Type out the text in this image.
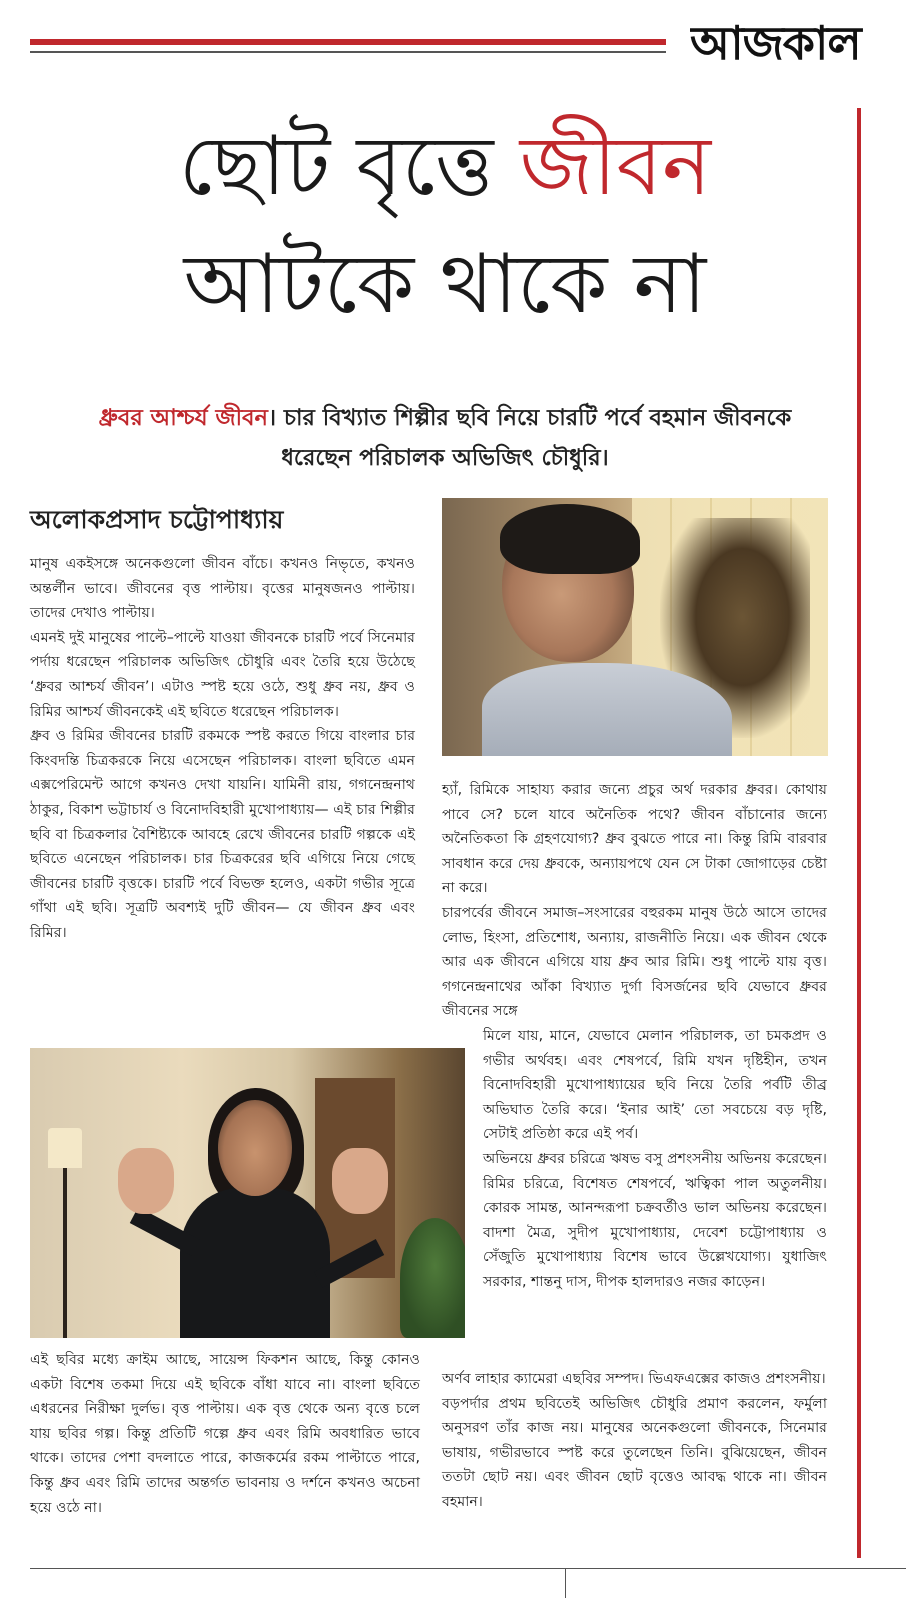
আজকাল
ছোট বৃত্তে জীবন
আটকে থাকে না
ধ্রুবর আশ্চর্য জীবন। চার বিখ্যাত শিল্পীর ছবি নিয়ে চারটি পর্বে বহমান জীবনকে ধরেছেন পরিচালক অভিজিৎ চৌধুরি।
অলোকপ্রসাদ চট্টোপাধ্যায়

মানুষ একইসঙ্গে অনেকগুলো জীবন বাঁচে। কখনও নিভৃতে, কখনও অন্তর্লীন ভাবে। জীবনের বৃত্ত পাল্টায়। বৃত্তের মানুষজনও পাল্টায়। তাদের দেখাও পাল্টায়।

এমনই দুই মানুষের পাল্টে–পাল্টে যাওয়া জীবনকে চারটি পর্বে সিনেমার পর্দায় ধরেছেন পরিচালক অভিজিৎ চৌধুরি এবং তৈরি হয়ে উঠেছে ‘ধ্রুবর আশ্চর্য জীবন’। এটাও স্পষ্ট হয়ে ওঠে, শুধু ধ্রুব নয়, ধ্রুব ও রিমির আশ্চর্য জীবনকেই এই ছবিতে ধরেছেন পরিচালক।

ধ্রুব ও রিমির জীবনের চারটি রকমকে স্পষ্ট করতে গিয়ে বাংলার চার কিংবদন্তি চিত্রকরকে নিয়ে এসেছেন পরিচালক। বাংলা ছবিতে এমন এক্সপেরিমেন্ট আগে কখনও দেখা যায়নি। যামিনী রায়, গগনেন্দ্রনাথ ঠাকুর, বিকাশ ভট্টাচার্য ও বিনোদবিহারী মুখোপাধ্যায়— এই চার শিল্পীর ছবি বা চিত্রকলার বৈশিষ্ট্যকে আবহে রেখে জীবনের চারটি গল্পকে এই ছবিতে এনেছেন পরিচালক। চার চিত্রকরের ছবি এগিয়ে নিয়ে গেছে জীবনের চারটি বৃত্তকে। চারটি পর্বে বিভক্ত হলেও, একটা গভীর সূত্রে গাঁথা এই ছবি। সূত্রটি অবশ্যই দুটি জীবন— যে জীবন ধ্রুব এবং রিমির।

হ্যাঁ, রিমিকে সাহায্য করার জন্যে প্রচুর অর্থ দরকার ধ্রুবর। কোথায় পাবে সে? চলে যাবে অনৈতিক পথে? জীবন বাঁচানোর জন্যে অনৈতিকতা কি গ্রহণযোগ্য? ধ্রুব বুঝতে পারে না। কিন্তু রিমি বারবার সাবধান করে দেয় ধ্রুবকে, অন্যায়পথে যেন সে টাকা জোগাড়ের চেষ্টা না করে।

চারপর্বের জীবনে সমাজ–সংসারের বহুরকম মানুষ উঠে আসে তাদের লোভ, হিংসা, প্রতিশোধ, অন্যায়, রাজনীতি নিয়ে। এক জীবন থেকে আর এক জীবনে এগিয়ে যায় ধ্রুব আর রিমি। শুধু পাল্টে যায় বৃত্ত। গগনেন্দ্রনাথের আঁকা বিখ্যাত দুর্গা বিসর্জনের ছবি যেভাবে ধ্রুবর জীবনের সঙ্গে

মিলে যায়, মানে, যেভাবে মেলান পরিচালক, তা চমকপ্রদ ও গভীর অর্থবহ। এবং শেষপর্বে, রিমি যখন দৃষ্টিহীন, তখন বিনোদবিহারী মুখোপাধ্যায়ের ছবি নিয়ে তৈরি পর্বটি তীব্র অভিঘাত তৈরি করে। ‘ইনার আই’ তো সবচেয়ে বড় দৃষ্টি, সেটাই প্রতিষ্ঠা করে এই পর্ব।

অভিনয়ে ধ্রুবর চরিত্রে ঋষভ বসু প্রশংসনীয় অভিনয় করেছেন। রিমির চরিত্রে, বিশেষত শেষপর্বে, ঋত্বিকা পাল অতুলনীয়। কোরক সামন্ত, আনন্দরূপা চক্রবর্তীও ভাল অভিনয় করেছেন। বাদশা মৈত্র, সুদীপ মুখোপাধ্যায়, দেবেশ চট্টোপাধ্যায় ও সেঁজুতি মুখোপাধ্যায় বিশেষ ভাবে উল্লেখযোগ্য। যুধাজিৎ সরকার, শান্তনু দাস, দীপক হালদারও নজর কাড়েন।

এই ছবির মধ্যে ক্রাইম আছে, সায়েন্স ফিকশন আছে, কিন্তু কোনও একটা বিশেষ তকমা দিয়ে এই ছবিকে বাঁধা যাবে না। বাংলা ছবিতে এধরনের নিরীক্ষা দুর্লভ। বৃত্ত পাল্টায়। এক বৃত্ত থেকে অন্য বৃত্তে চলে যায় ছবির গল্প। কিন্তু প্রতিটি গল্পে ধ্রুব এবং রিমি অবধারিত ভাবে থাকে। তাদের পেশা বদলাতে পারে, কাজকর্মের রকম পাল্টাতে পারে, কিন্তু ধ্রুব এবং রিমি তাদের অন্তর্গত ভাবনায় ও দর্শনে কখনও অচেনা হয়ে ওঠে না।

অর্ণব লাহার ক্যামেরা এছবির সম্পদ। ভিএফএক্সের কাজও প্রশংসনীয়।

বড়পর্দার প্রথম ছবিতেই অভিজিৎ চৌধুরি প্রমাণ করলেন, ফর্মুলা অনুসরণ তাঁর কাজ নয়। মানুষের অনেকগুলো জীবনকে, সিনেমার ভাষায়, গভীরভাবে স্পষ্ট করে তুলেছেন তিনি। বুঝিয়েছেন, জীবন ততটা ছোট নয়। এবং জীবন ছোট বৃত্তেও আবদ্ধ থাকে না। জীবন বহমান।
